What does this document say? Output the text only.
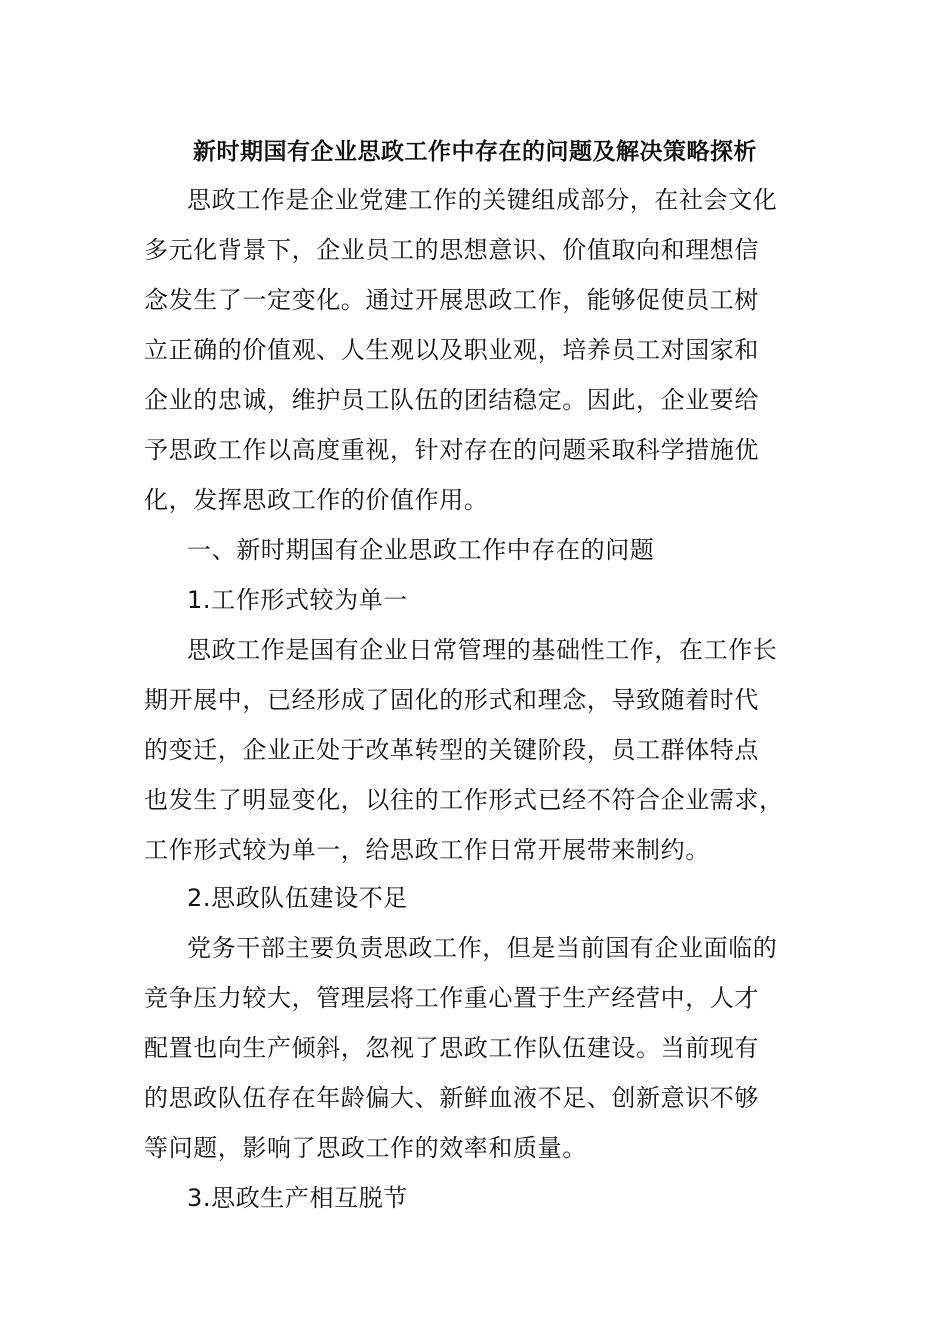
新时期国有企业思政工作中存在的问题及解决策略探析
思政工作是企业党建工作的关键组成部分，在社会文化
多元化背景下，企业员工的思想意识、价值取向和理想信
念发生了一定变化。通过开展思政工作，能够促使员工树
立正确的价值观、人生观以及职业观，培养员工对国家和
企业的忠诚，维护员工队伍的团结稳定。因此，企业要给
予思政工作以高度重视，针对存在的问题采取科学措施优
化，发挥思政工作的价值作用。
一、新时期国有企业思政工作中存在的问题
1.工作形式较为单一
思政工作是国有企业日常管理的基础性工作，在工作长
期开展中，已经形成了固化的形式和理念，导致随着时代
的变迁，企业正处于改革转型的关键阶段，员工群体特点
也发生了明显变化，以往的工作形式已经不符合企业需求，
工作形式较为单一，给思政工作日常开展带来制约。
2.思政队伍建设不足
党务干部主要负责思政工作，但是当前国有企业面临的
竞争压力较大，管理层将工作重心置于生产经营中，人才
配置也向生产倾斜，忽视了思政工作队伍建设。当前现有
的思政队伍存在年龄偏大、新鲜血液不足、创新意识不够
等问题，影响了思政工作的效率和质量。
3.思政生产相互脱节
